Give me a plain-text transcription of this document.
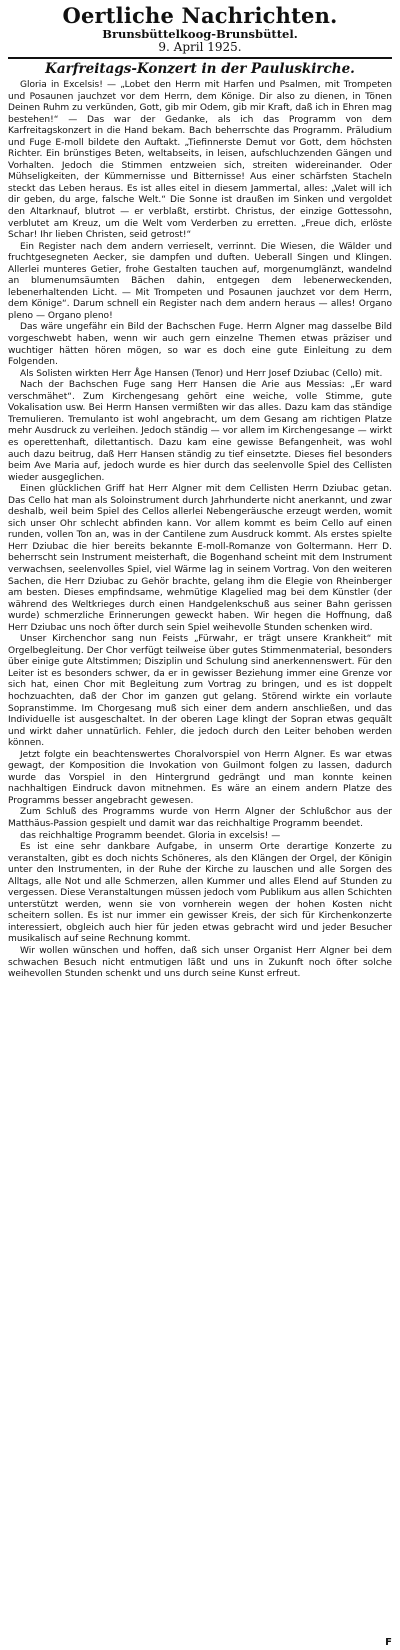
Oertliche Nachrichten.
Brunsbüttelkoog-Brunsbüttel.
9. April 1925.
Karfreitags-Konzert in der Pauluskirche.

Gloria in Excelsis! — „Lobet den Herrn mit Harfen und Psalmen, mit Trompeten und Posaunen jauchzet vor dem Herrn, dem Könige. Dir also zu dienen, in Tönen Deinen Ruhm zu verkünden, Gott, gib mir Odem, gib mir Kraft, daß ich in Ehren mag bestehen!“ — Das war der Gedanke, als ich das Programm von dem Karfreitagskonzert in die Hand bekam. Bach beherrschte das Programm. Präludium und Fuge E-moll bildete den Auftakt. „Tiefinnerste Demut vor Gott, dem höchsten Richter. Ein brünstiges Beten, weltabseits, in leisen, aufschluchzenden Gängen und Vorhalten. Jedoch die Stimmen entzweien sich, streiten widereinander. Oder Mühseligkeiten, der Kümmernisse und Bitternisse! Aus einer schärfsten Stacheln steckt das Leben heraus. Es ist alles eitel in diesem Jammertal, alles: „Valet will ich dir geben, du arge, falsche Welt.“ Die Sonne ist draußen im Sinken und vergoldet den Altarknauf, blutrot — er verblaßt, erstirbt. Christus, der einzige Gottessohn, verblutet am Kreuz, um die Welt vom Verderben zu erretten. „Freue dich, erlöste Schar! Ihr lieben Christen, seid getrost!“

Ein Register nach dem andern verrieselt, verrinnt. Die Wiesen, die Wälder und fruchtgesegneten Aecker, sie dampfen und duften. Ueberall Singen und Klingen. Allerlei munteres Getier, frohe Gestalten tauchen auf, morgenumglänzt, wandelnd an blumenumsäumten Bächen dahin, entgegen dem lebenerweckenden, lebenerhaltenden Licht. — Mit Trompeten und Posaunen jauchzet vor dem Herrn, dem Könige“. Darum schnell ein Register nach dem andern heraus — alles! Organo pleno — Organo pleno!

Das wäre ungefähr ein Bild der Bachschen Fuge. Herrn Algner mag dasselbe Bild vorgeschwebt haben, wenn wir auch gern einzelne Themen etwas präziser und wuchtiger hätten hören mögen, so war es doch eine gute Einleitung zu dem Folgenden.

Als Solisten wirkten Herr Åge Hansen (Tenor) und Herr Josef Dziubac (Cello) mit.

Nach der Bachschen Fuge sang Herr Hansen die Arie aus Messias: „Er ward verschmähet“. Zum Kirchengesang gehört eine weiche, volle Stimme, gute Vokalisation usw. Bei Herrn Hansen vermißten wir das alles. Dazu kam das ständige Tremulieren. Tremulanto ist wohl angebracht, um dem Gesang am richtigen Platze mehr Ausdruck zu verleihen. Jedoch ständig — vor allem im Kirchengesange — wirkt es operettenhaft, dilettantisch. Dazu kam eine gewisse Befangenheit, was wohl auch dazu beitrug, daß Herr Hansen ständig zu tief einsetzte. Dieses fiel besonders beim Ave Maria auf, jedoch wurde es hier durch das seelenvolle Spiel des Cellisten wieder ausgeglichen.

Einen glücklichen Griff hat Herr Algner mit dem Cellisten Herrn Dziubac getan. Das Cello hat man als Soloinstrument durch Jahrhunderte nicht anerkannt, und zwar deshalb, weil beim Spiel des Cellos allerlei Nebengeräusche erzeugt werden, womit sich unser Ohr schlecht abfinden kann. Vor allem kommt es beim Cello auf einen runden, vollen Ton an, was in der Cantilene zum Ausdruck kommt. Als erstes spielte Herr Dziubac die hier bereits bekannte E-moll-Romanze von Goltermann. Herr D. beherrscht sein Instrument meisterhaft, die Bogenhand scheint mit dem Instrument verwachsen, seelenvolles Spiel, viel Wärme lag in seinem Vortrag. Von den weiteren Sachen, die Herr Dziubac zu Gehör brachte, gelang ihm die Elegie von Rheinberger am besten. Dieses empfindsame, wehmütige Klagelied mag bei dem Künstler (der während des Weltkrieges durch einen Handgelenkschuß aus seiner Bahn gerissen wurde) schmerzliche Erinnerungen geweckt haben. Wir hegen die Hoffnung, daß Herr Dziubac uns noch öfter durch sein Spiel weihevolle Stunden schenken wird.

Unser Kirchenchor sang nun Feists „Fürwahr, er trägt unsere Krankheit“ mit Orgelbegleitung. Der Chor verfügt teilweise über gutes Stimmenmaterial, besonders über einige gute Altstimmen; Disziplin und Schulung sind anerkennenswert. Für den Leiter ist es besonders schwer, da er in gewisser Beziehung immer eine Grenze vor sich hat, einen Chor mit Begleitung zum Vortrag zu bringen, und es ist doppelt hochzuachten, daß der Chor im ganzen gut gelang. Störend wirkte ein vorlaute Sopranstimme. Im Chorgesang muß sich einer dem andern anschließen, und das Individuelle ist ausgeschaltet. In der oberen Lage klingt der Sopran etwas gequält und wirkt daher unnatürlich. Fehler, die jedoch durch den Leiter behoben werden können.

Jetzt folgte ein beachtenswertes Choralvorspiel von Herrn Algner. Es war etwas gewagt, der Komposition die Invokation von Guilmont folgen zu lassen, dadurch wurde das Vorspiel in den Hintergrund gedrängt und man konnte keinen nachhaltigen Eindruck davon mitnehmen. Es wäre an einem andern Platze des Programms besser angebracht gewesen.

Zum Schluß des Programms wurde von Herrn Algner der Schlußchor aus der Matthäus-Passion gespielt und damit war das reichhaltige Programm beendet.

das reichhaltige Programm beendet. Gloria in excelsis! —

Es ist eine sehr dankbare Aufgabe, in unserm Orte derartige Konzerte zu veranstalten, gibt es doch nichts Schöneres, als den Klängen der Orgel, der Königin unter den Instrumenten, in der Ruhe der Kirche zu lauschen und alle Sorgen des Alltags, alle Not und alle Schmerzen, allen Kummer und alles Elend auf Stunden zu vergessen. Diese Veranstaltungen müssen jedoch vom Publikum aus allen Schichten unterstützt werden, wenn sie von vornherein wegen der hohen Kosten nicht scheitern sollen. Es ist nur immer ein gewisser Kreis, der sich für Kirchenkonzerte interessiert, obgleich auch hier für jeden etwas gebracht wird und jeder Besucher musikalisch auf seine Rechnung kommt.

Wir wollen wünschen und hoffen, daß sich unser Organist Herr Algner bei dem schwachen Besuch nicht entmutigen läßt und uns in Zukunft noch öfter solche weihevollen Stunden schenkt und uns durch seine Kunst erfreut.

F
